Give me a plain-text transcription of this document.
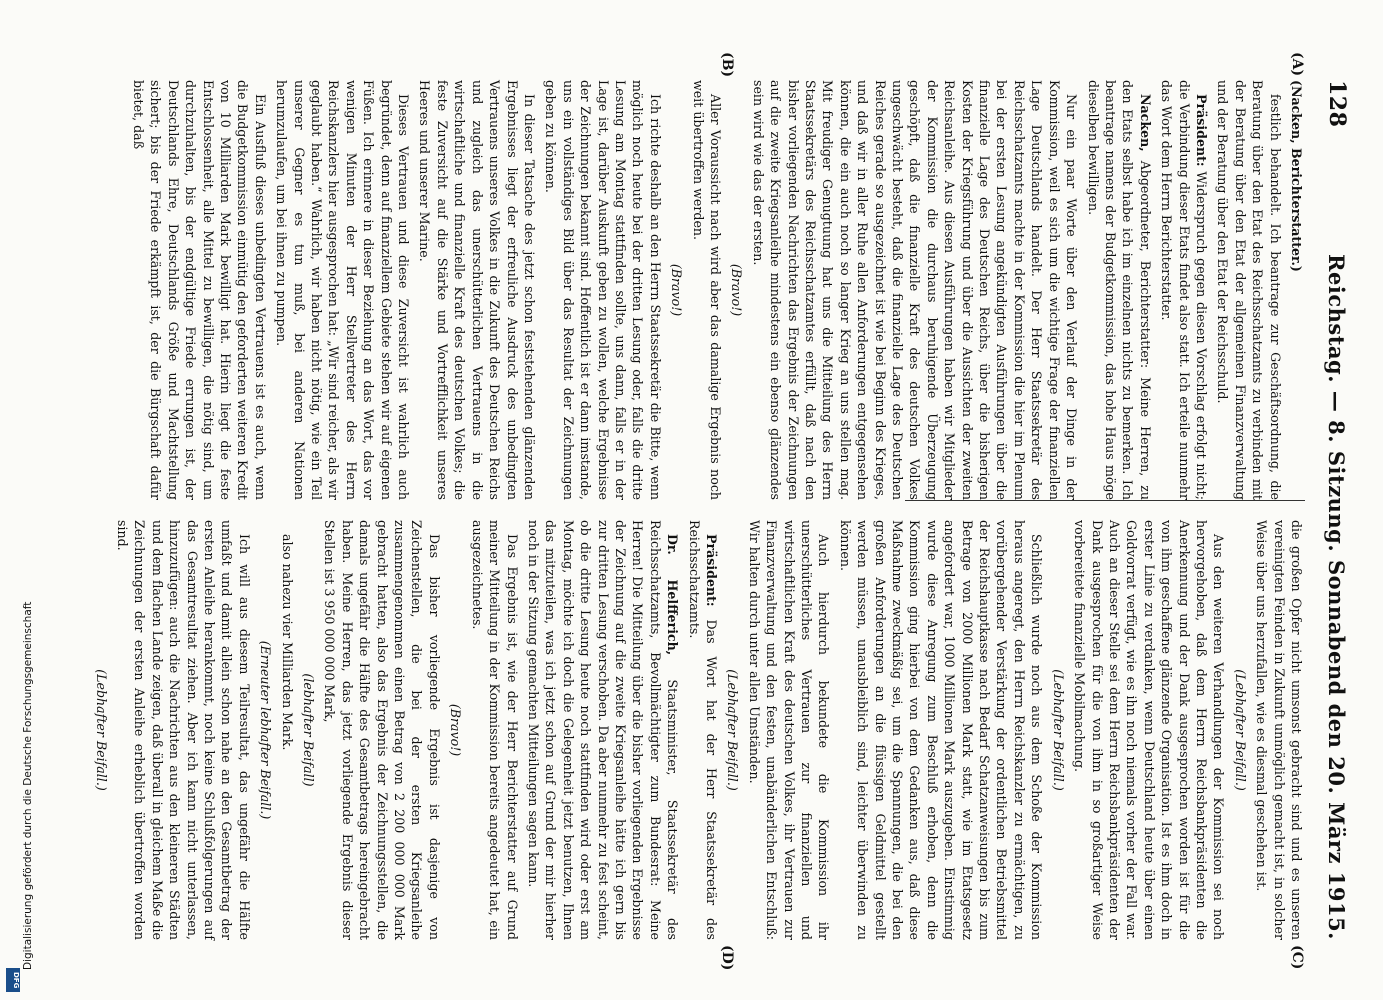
128
Reichstag. — 8. Sitzung. Sonnabend den 20. März 1915.
(A)
(B)
(C)
(D)

(Nacken, Berichterstatter.)

festlich behandelt. Ich beantrage zur Geschäftsordnung, die Beratung über den Etat des Reichsschatzamts zu verbinden mit der Beratung über den Etat der allgemeinen Finanzverwaltung und der Beratung über den Etat der Reichsschuld.

Präsident: Widerspruch gegen diesen Vorschlag erfolgt nicht; die Verbindung dieser Etats findet also statt. Ich erteile nunmehr das Wort dem Herrn Berichterstatter.

Nacken, Abgeordneter, Berichterstatter: Meine Herren, zu den Etats selbst habe ich im einzelnen nichts zu bemerken. Ich beantrage namens der Budgetkommission, das hohe Haus möge dieselben bewilligen.

Nur ein paar Worte über den Verlauf der Dinge in der Kommission, weil es sich um die wichtige Frage der finanziellen Lage Deutschlands handelt. Der Herr Staatssekretär des Reichsschatzamts machte in der Kommission die hier im Plenum bei der ersten Lesung angekündigten Ausführungen über die finanzielle Lage des Deutschen Reichs, über die bisherigen Kosten der Kriegsführung und über die Aussichten der zweiten Reichsanleihe. Aus diesen Ausführungen haben wir Mitglieder der Kommission die durchaus beruhigende Überzeugung geschöpft, daß die finanzielle Kraft des deutschen Volkes ungeschwächt besteht, daß die finanzielle Lage des Deutschen Reiches gerade so ausgezeichnet ist wie bei Beginn des Krieges, und daß wir in aller Ruhe allen Anforderungen entgegensehen können, die ein auch noch so langer Krieg an uns stellen mag. Mit freudiger Genugtuung hat uns die Mitteilung des Herrn Staatssekretärs des Reichsschatzamtes erfüllt, daß nach den bisher vorliegenden Nachrichten das Ergebnis der Zeichnungen auf die zweite Kriegsanleihe mindestens ein ebenso glänzendes sein wird wie das der ersten.

(Bravo!)

Aller Voraussicht nach wird aber das damalige Ergebnis noch weit übertroffen werden.

(Bravo!)

Ich richte deshalb an den Herrn Staatssekretär die Bitte, wenn möglich noch heute bei der dritten Lesung oder, falls die dritte Lesung am Montag stattfinden sollte, uns dann, falls er in der Lage ist, darüber Auskunft geben zu wollen, welche Ergebnisse der Zeichnungen bekannt sind. Hoffentlich ist er dann imstande, uns ein vollständiges Bild über das Resultat der Zeichnungen geben zu können.

In dieser Tatsache des jetzt schon feststehenden glänzenden Ergebnisses liegt der erfreuliche Ausdruck des unbedingten Vertrauens unseres Volkes in die Zukunft des Deutschen Reichs und zugleich das unerschütterlichen Vertrauens in die wirtschaftliche und finanzielle Kraft des deutschen Volkes; die feste Zuversicht auf die Stärke und Vortrefflichkeit unseres Heeres und unserer Marine.

Dieses Vertrauen und diese Zuversicht ist wahrlich auch begründet, denn auf finanziellem Gebiete stehen wir auf eigenen Füßen. Ich erinnere in dieser Beziehung an das Wort, das vor wenigen Minuten der Herr Stellvertreter des Herrn Reichskanzlers hier ausgesprochen hat: „Wir sind reicher, als wir geglaubt haben.“ Wahrlich, wir haben nicht nötig, wie ein Teil unserer Gegner es tun muß, bei anderen Nationen herumzulaufen, um bei ihnen zu pumpen.

Ein Ausfluß dieses unbedingten Vertrauens ist es auch, wenn die Budgetkommission einmütig den geforderten weiteren Kredit von 10 Milliarden Mark bewilligt hat. Hierin liegt die feste Entschlossenheit, alle Mittel zu bewilligen, die nötig sind, um durchzuhalten, bis der endgültige Friede errungen ist, der Deutschlands Ehre, Deutschlands Größe und Machtstellung sichert; bis der Friede erkämpft ist, der die Bürgschaft dafür bietet, daß

die großen Opfer nicht umsonst gebracht sind und es unseren vereinigten Feinden in Zukunft unmöglich gemacht ist, in solcher Weise über uns herzufallen, wie es diesmal geschehen ist.

(Lebhafter Beifall.)

Aus den weiteren Verhandlungen der Kommission sei noch hervorgehoben, daß dem Herrn Reichsbankpräsidenten die Anerkennung und der Dank ausgesprochen worden ist für die von ihm geschaffene glänzende Organisation. Ist es ihm doch in erster Linie zu verdanken, wenn Deutschland heute über einen Goldvorrat verfügt, wie es ihn noch niemals vorher der Fall war. Auch an dieser Stelle sei dem Herrn Reichsbankpräsidenten der Dank ausgesprochen für die von ihm in so großartiger Weise vorbereitete finanzielle Mobilmachung.

(Lebhafter Beifall.)

Schließlich wurde noch aus dem Schoße der Kommission heraus angeregt, den Herrn Reichskanzler zu ermächtigen, zu vorübergehender Verstärkung der ordentlichen Betriebsmittel der Reichshauptkasse nach Bedarf Schatzanweisungen bis zum Betrage von 2000 Millionen Mark statt, wie im Etatsgesetz angefordert war, 1000 Millionen Mark auszugeben. Einstimmig wurde diese Anregung zum Beschluß erhoben, denn die Kommission ging hierbei von dem Gedanken aus, daß diese Maßnahme zweckmäßig sei, um die Spannungen, die bei den großen Anforderungen an die flüssigen Geldmittel gestellt werden müssen, unausbleiblich sind, leichter überwinden zu können.

Auch hierdurch bekundete die Kommission ihr unerschütterliches Vertrauen zur finanziellen und wirtschaftlichen Kraft des deutschen Volkes, ihr Vertrauen zur Finanzverwaltung und den festen, unabänderlichen Entschluß: Wir halten durch unter allen Umständen.

(Lebhafter Beifall.)

Präsident: Das Wort hat der Herr Staatssekretär des Reichsschatzamts.

Dr. Helfferich, Staatsminister, Staatssekretär des Reichsschatzamts, Bevollmächtigter zum Bundesrat: Meine Herren! Die Mitteilung über die bisher vorliegenden Ergebnisse der Zeichnung auf die zweite Kriegsanleihe hätte ich gern bis zur dritten Lesung verschoben. Da aber nunmehr zu fest scheint, ob die dritte Lesung heute noch stattfinden wird oder erst am Montag, möchte ich doch die Gelegenheit jetzt benutzen, Ihnen das mitzuteilen, was ich jetzt schon auf Grund der mir hierher noch in der Sitzung gemachten Mitteilungen sagen kann.

Das Ergebnis ist, wie der Herr Berichterstatter auf Grund meiner Mitteilung in der Kommission bereits angedeutet hat, ein ausgezeichnetes.

(Bravo!)

Das bisher vorliegende Ergebnis ist dasjenige von Zeichenstellen, die bei der ersten Kriegsanleihe zusammengenommen einen Betrag von 2 200 000 000 Mark gebracht hatten, also das Ergebnis der Zeichnungsstellen, die damals ungefähr die Hälfte des Gesamtbetrags hereingebracht haben. Meine Herren, das jetzt vorliegende Ergebnis dieser Stellen ist 3 950 000 000 Mark,

(lebhafter Beifall)

also nahezu vier Milliarden Mark.

(Erneuter lebhafter Beifall.)

Ich will aus diesem Teilresultat, das ungefähr die Hälfte umfaßt und damit allein schon nahe an den Gesamtbetrag der ersten Anleihe herankommt, noch keine Schlußfolgerungen auf das Gesamtresultat ziehen. Aber ich kann nicht unterlassen, hinzuzufügen: auch die Nachrichten aus den kleineren Städten und dem flachen Lande zeigen, daß überall in gleichem Maße die Zeichnungen der ersten Anleihe erheblich übertroffen worden sind.

(Lebhafter Beifall.)

Digitalisierung gefördert durch die Deutsche Forschungsgemeinschaft
DFG
